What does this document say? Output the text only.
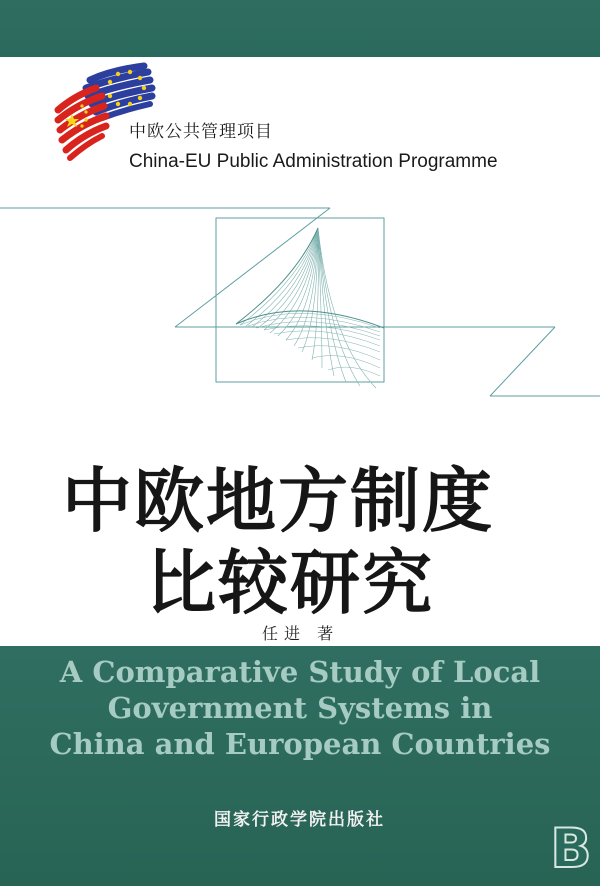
中欧公共管理项目
China-EU Public Administration Programme
中欧地方制度
比较研究
任进 著
A Comparative Study of Local
Government Systems in
China and European Countries
国家行政学院出版社	B
